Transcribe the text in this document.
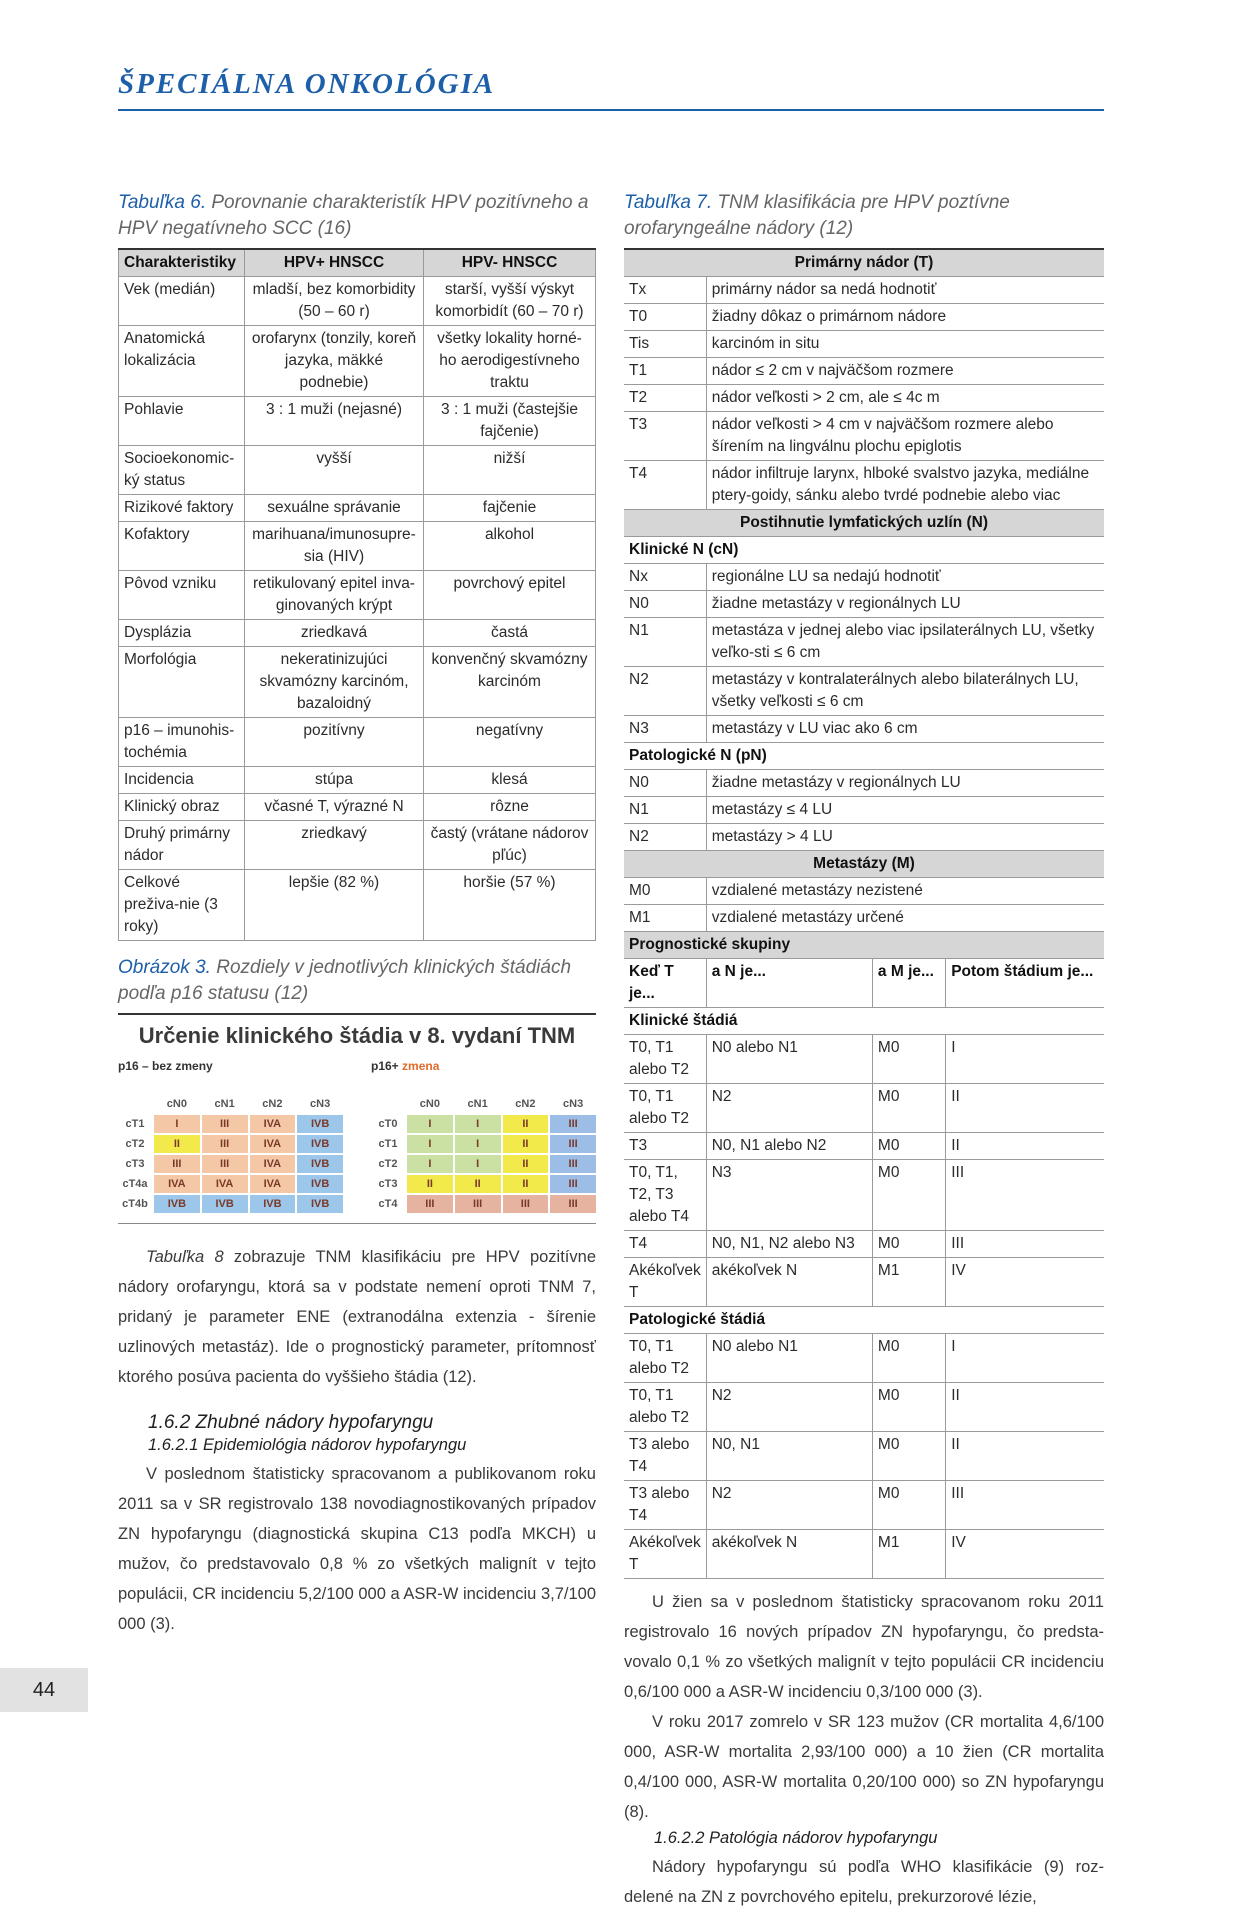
ŠPECIÁLNA ONKOLÓGIA

Tabuľka 6. Porovnanie charakteristík HPV pozitívneho a HPV negatívneho SCC (16)

Charakteristiky	HPV+ HNSCC	HPV- HNSCC
Vek (medián)	mladší, bez komorbidity (50 – 60 r)	starší, vyšší výskyt komorbidít (60 – 70 r)
Anatomická lokalizácia	orofarynx (tonzily, koreň jazyka, mäkké podnebie)	všetky lokality horné-ho aerodigestívneho traktu
Pohlavie	3 : 1 muži (nejasné)	3 : 1 muži (častejšie fajčenie)
Socioekonomic-ký status	vyšší	nižší
Rizikové faktory	sexuálne správanie	fajčenie
Kofaktory	marihuana/imunosupre-sia (HIV)	alkohol
Pôvod vzniku	retikulovaný epitel inva-ginovaných krýpt	povrchový epitel
Dysplázia	zriedkavá	častá
Morfológia	nekeratinizujúci skvamózny karcinóm, bazaloidný	konvenčný skvamózny karcinóm
p16 – imunohis-tochémia	pozitívny	negatívny
Incidencia	stúpa	klesá
Klinický obraz	včasné T, výrazné N	rôzne
Druhý primárny nádor	zriedkavý	častý (vrátane nádorov pľúc)
Celkové preživa-nie (3 roky)	lepšie (82 %)	horšie (57 %)

Obrázok 3. Rozdiely v jednotlivých klinických štádiách podľa p16 statusu (12)

Určenie klinického štádia v 8. vydaní TNM
p16 – bez zmeny
cN0	cN1	cN2	cN3
cT1	I	III	IVA	IVB
cT2	II	III	IVA	IVB
cT3	III	III	IVA	IVB
cT4a	IVA	IVA	IVA	IVB
cT4b	IVB	IVB	IVB	IVB
p16+ zmena
cN0	cN1	cN2	cN3
cT0	I	I	II	III
cT1	I	I	II	III
cT2	I	I	II	III
cT3	II	II	II	III
cT4	III	III	III	III

Tabuľka 8 zobrazuje TNM klasifikáciu pre HPV pozitívne nádory orofaryngu, ktorá sa v podstate nemení oproti TNM 7, pridaný je parameter ENE (extranodálna extenzia - šírenie uzlinových metastáz). Ide o prognostický parameter, prítomnosť ktorého posúva pacienta do vyššieho štádia (12).

1.6.2 Zhubné nádory hypofaryngu
1.6.2.1 Epidemiológia nádorov hypofaryngu

V poslednom štatisticky spracovanom a publikovanom roku 2011 sa v SR registrovalo 138 novodiagnostikovaných prípadov ZN hypofaryngu (diagnostická skupina C13 podľa MKCH) u mužov, čo predstavovalo 0,8 % zo všetkých malignít v tejto populácii, CR incidenciu 5,2/100 000 a ASR-W incidenciu 3,7/100 000 (3).

Tabuľka 7. TNM klasifikácia pre HPV poztívne orofaryngeálne nádory (12)

Primárny nádor (T)			
Tx	primárny nádor sa nedá hodnotiť		
T0	žiadny dôkaz o primárnom nádore		
Tis	karcinóm in situ		
T1	nádor ≤ 2 cm v najväčšom rozmere		
T2	nádor veľkosti > 2 cm, ale ≤ 4c m		
T3	nádor veľkosti > 4 cm v najväčšom rozmere alebo šírením na lingválnu plochu epiglotis		
T4	nádor infiltruje larynx, hlboké svalstvo jazyka, mediálne ptery-goidy, sánku alebo tvrdé podnebie alebo viac		
Postihnutie lymfatických uzlín (N)			
Klinické N (cN)			
Nx	regionálne LU sa nedajú hodnotiť		
N0	žiadne metastázy v regionálnych LU		
N1	metastáza v jednej alebo viac ipsilaterálnych LU, všetky veľko-sti ≤ 6 cm		
N2	metastázy v kontralaterálnych alebo bilaterálnych LU, všetky veľkosti ≤ 6 cm		
N3	metastázy v LU viac ako 6 cm		
Patologické N (pN)			
N0	žiadne metastázy v regionálnych LU		
N1	metastázy ≤ 4 LU		
N2	metastázy > 4 LU		
Metastázy (M)			
M0	vzdialené metastázy nezistené		
M1	vzdialené metastázy určené		
Prognostické skupiny			
Keď T je...	a N je...	a M je...	Potom štádium je...
Klinické štádiá			
T0, T1 alebo T2	N0 alebo N1	M0	I
T0, T1 alebo T2	N2	M0	II
T3	N0, N1 alebo N2	M0	II
T0, T1, T2, T3 alebo T4	N3	M0	III
T4	N0, N1, N2 alebo N3	M0	III
Akékoľvek T	akékoľvek N	M1	IV
Patologické štádiá			
T0, T1 alebo T2	N0 alebo N1	M0	I
T0, T1 alebo T2	N2	M0	II
T3 alebo T4	N0, N1	M0	II
T3 alebo T4	N2	M0	III
Akékoľvek T	akékoľvek N	M1	IV

U žien sa v poslednom štatisticky spracovanom roku 2011 registrovalo 16 nových prípadov ZN hypofaryngu, čo predsta-vovalo 0,1 % zo všetkých malignít v tejto populácii CR incidenciu 0,6/100 000 a ASR-W incidenciu 0,3/100 000 (3).

V roku 2017 zomrelo v SR 123 mužov (CR mortalita 4,6/100 000, ASR-W mortalita 2,93/100 000) a 10 žien (CR mortalita 0,4/100 000, ASR-W mortalita 0,20/100 000) so ZN hypofaryngu (8).

1.6.2.2 Patológia nádorov hypofaryngu

Nádory hypofaryngu sú podľa WHO klasifikácie (9) roz-delené na ZN z povrchového epitelu, prekurzorové lézie,

44
